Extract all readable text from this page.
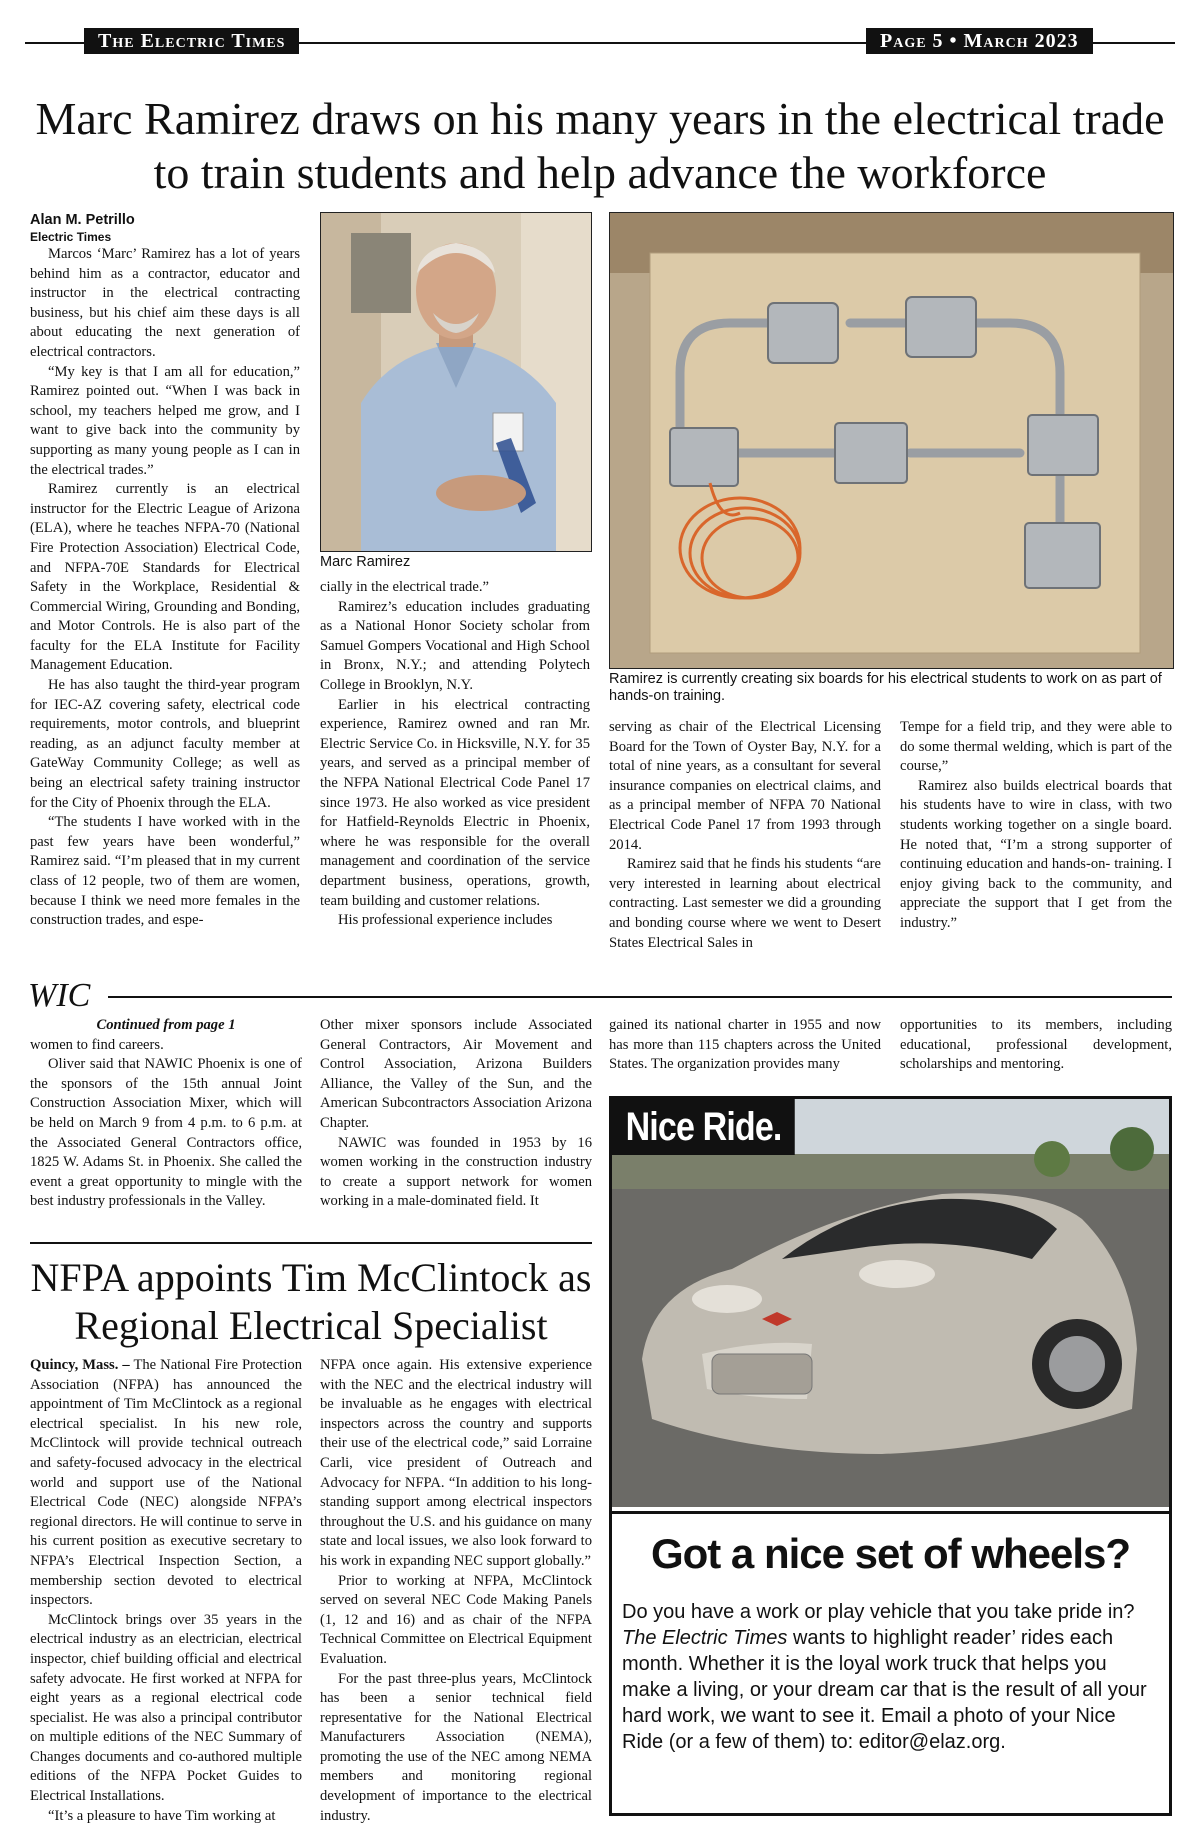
The Electric Times	Page 5 • March 2023
Marc Ramirez draws on his many years in the electrical trade to train students and help advance the workforce
Alan M. Petrillo
Electric Times

Marcos ‘Marc’ Ramirez has a lot of years behind him as a contractor, educator and instructor in the electrical contracting business, but his chief aim these days is all about educating the next generation of electrical contractors.

“My key is that I am all for education,” Ramirez pointed out. “When I was back in school, my teachers helped me grow, and I want to give back into the community by supporting as many young people as I can in the electrical trades.”

Ramirez currently is an electrical instructor for the Electric League of Arizona (ELA), where he teaches NFPA-70 (National Fire Protection Association) Electrical Code, and NFPA-70E Standards for Electrical Safety in the Workplace, Residential & Commercial Wiring, Grounding and Bonding, and Motor Controls. He is also part of the faculty for the ELA Institute for Facility Management Education.

He has also taught the third-year program for IEC-AZ covering safety, electrical code requirements, motor controls, and blueprint reading, as an adjunct faculty member at GateWay Community College; as well as being an electrical safety training instructor for the City of Phoenix through the ELA.

“The students I have worked with in the past few years have been wonderful,” Ramirez said. “I’m pleased that in my current class of 12 people, two of them are women, because I think we need more females in the construction trades, and espe-

Marc Ramirez
Ramirez is currently creating six boards for his electrical students to work on as part of hands-on training.

cially in the electrical trade.”

Ramirez’s education includes graduating as a National Honor Society scholar from Samuel Gompers Vocational and High School in Bronx, N.Y.; and attending Polytech College in Brooklyn, N.Y.

Earlier in his electrical contracting experience, Ramirez owned and ran Mr. Electric Service Co. in Hicksville, N.Y. for 35 years, and served as a principal member of the NFPA National Electrical Code Panel 17 since 1973. He also worked as vice president for Hatfield-Reynolds Electric in Phoenix, where he was responsible for the overall management and coordination of the service department business, operations, growth, team building and customer relations.

His professional experience includes

serving as chair of the Electrical Licensing Board for the Town of Oyster Bay, N.Y. for a total of nine years, as a consultant for several insurance companies on electrical claims, and as a principal member of NFPA 70 National Electrical Code Panel 17 from 1993 through 2014.

Ramirez said that he finds his students “are very interested in learning about electrical contracting. Last semester we did a grounding and bonding course where we went to Desert States Electrical Sales in

Tempe for a field trip, and they were able to do some thermal welding, which is part of the course,”

Ramirez also builds electrical boards that his students have to wire in class, with two students working together on a single board. He noted that, “I’m a strong supporter of continuing education and hands-on- training. I enjoy giving back to the community, and appreciate the support that I get from the industry.”

WIC
Continued from page 1

women to find careers.

Oliver said that NAWIC Phoenix is one of the sponsors of the 15th annual Joint Construction Association Mixer, which will be held on March 9 from 4 p.m. to 6 p.m. at the Associated General Contractors office, 1825 W. Adams St. in Phoenix. She called the event a great opportunity to mingle with the best industry professionals in the Valley.

Other mixer sponsors include Associated General Contractors, Air Movement and Control Association, Arizona Builders Alliance, the Valley of the Sun, and the American Subcontractors Association Arizona Chapter.

NAWIC was founded in 1953 by 16 women working in the construction industry to create a support network for women working in a male-dominated field. It

gained its national charter in 1955 and now has more than 115 chapters across the United States. The organization provides many

opportunities to its members, including educational, professional development, scholarships and mentoring.

NFPA appoints Tim McClintock as Regional Electrical Specialist

Quincy, Mass. – The National Fire Protection Association (NFPA) has announced the appointment of Tim McClintock as a regional electrical specialist. In his new role, McClintock will provide technical outreach and safety-focused advocacy in the electrical world and support use of the National Electrical Code (NEC) alongside NFPA’s regional directors. He will continue to serve in his current position as executive secretary to NFPA’s Electrical Inspection Section, a membership section devoted to electrical inspectors.

McClintock brings over 35 years in the electrical industry as an electrician, electrical inspector, chief building official and electrical safety advocate. He first worked at NFPA for eight years as a regional electrical code specialist. He was also a principal contributor on multiple editions of the NEC Summary of Changes documents and co-authored multiple editions of the NFPA Pocket Guides to Electrical Installations.

“It’s a pleasure to have Tim working at

NFPA once again. His extensive experience with the NEC and the electrical industry will be invaluable as he engages with electrical inspectors across the country and supports their use of the electrical code,” said Lorraine Carli, vice president of Outreach and Advocacy for NFPA. “In addition to his long-standing support among electrical inspectors throughout the U.S. and his guidance on many state and local issues, we also look forward to his work in expanding NEC support globally.”

Prior to working at NFPA, McClintock served on several NEC Code Making Panels (1, 12 and 16) and as chair of the NFPA Technical Committee on Electrical Equipment Evaluation.

For the past three-plus years, McClintock has been a senior technical field representative for the National Electrical Manufacturers Association (NEMA), promoting the use of the NEC among NEMA members and monitoring regional development of importance to the electrical industry.

Nice Ride.
Got a nice set of wheels?
Do you have a work or play vehicle that you take pride in? The Electric Times wants to highlight reader’ rides each month. Whether it is the loyal work truck that helps you make a living, or your dream car that is the result of all your hard work, we want to see it. Email a photo of your Nice Ride (or a few of them) to: editor@elaz.org.
